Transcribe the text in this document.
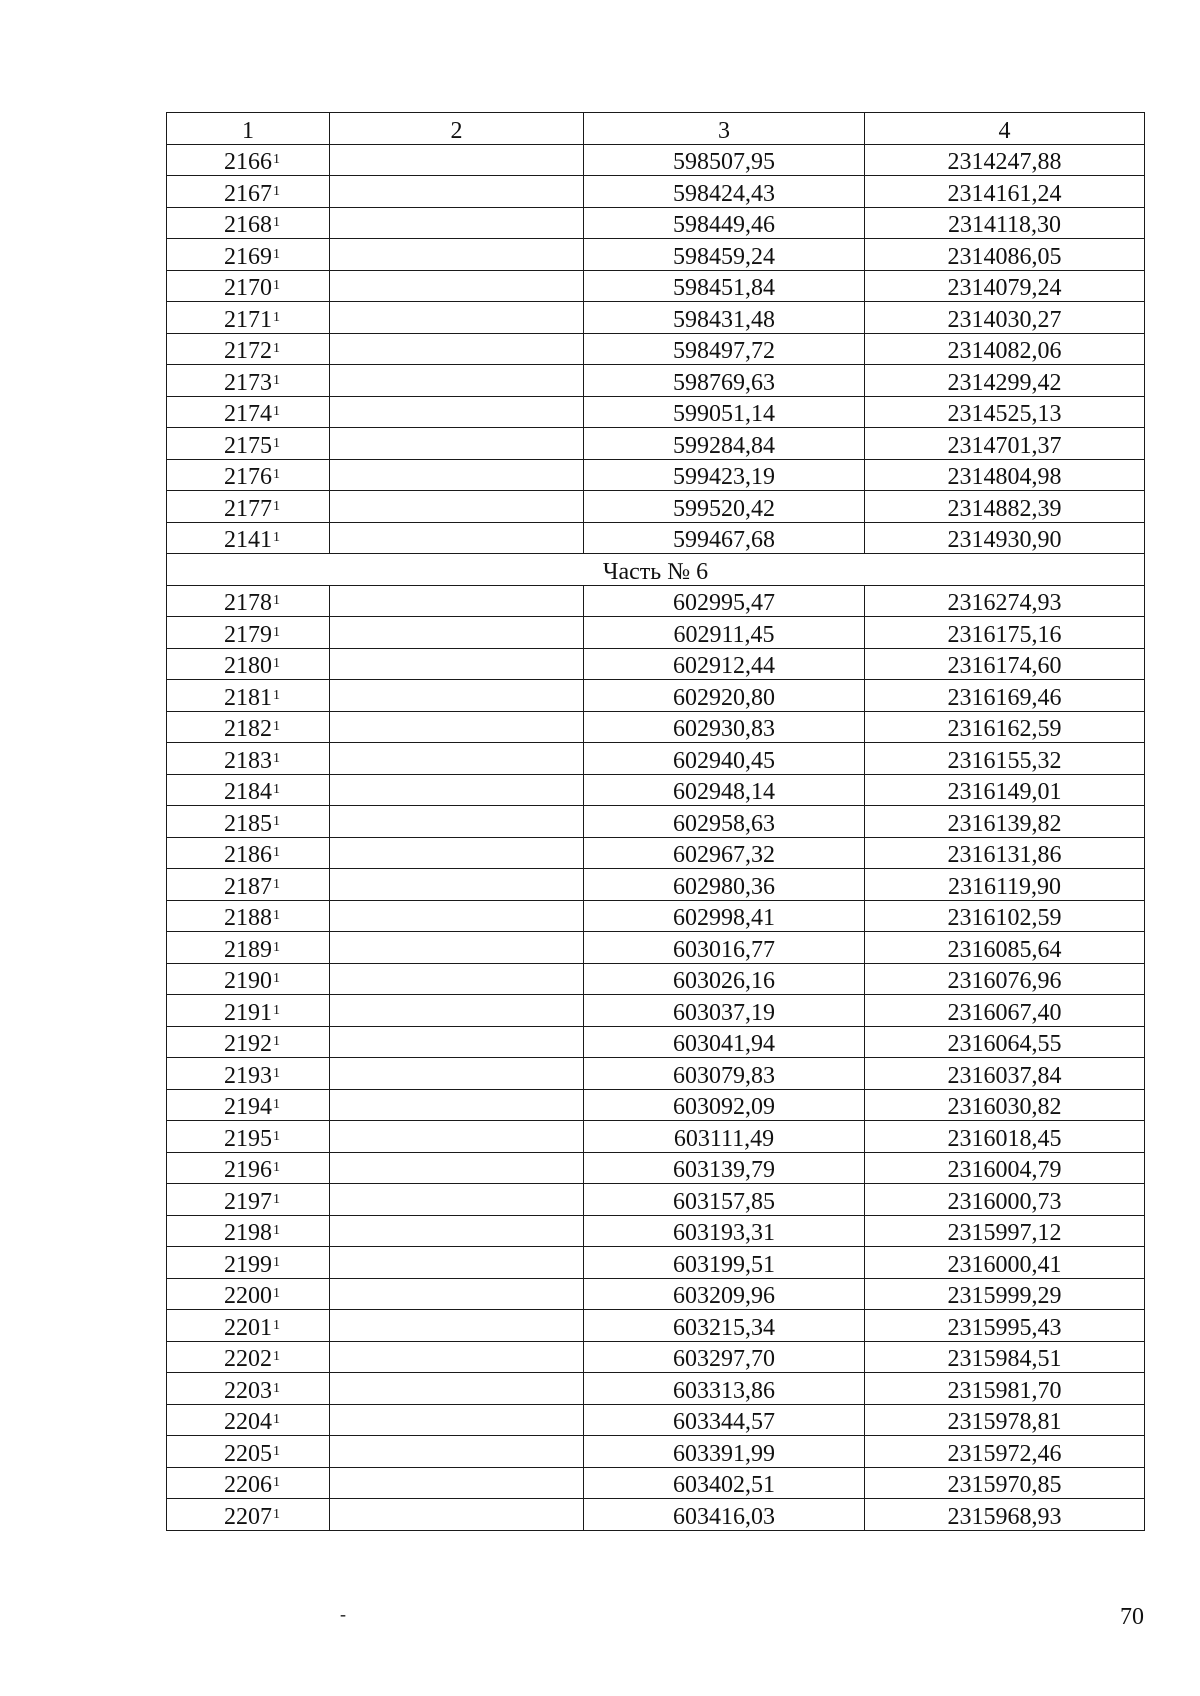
1	2	3	4
2166$^1$		598507,95	2314247,88
2167$^1$		598424,43	2314161,24
2168$^1$		598449,46	2314118,30
2169$^1$		598459,24	2314086,05
2170$^1$		598451,84	2314079,24
2171$^1$		598431,48	2314030,27
2172$^1$		598497,72	2314082,06
2173$^1$		598769,63	2314299,42
2174$^1$		599051,14	2314525,13
2175$^1$		599284,84	2314701,37
2176$^1$		599423,19	2314804,98
2177$^1$		599520,42	2314882,39
2141$^1$		599467,68	2314930,90
Часть № 6			
2178$^1$		602995,47	2316274,93
2179$^1$		602911,45	2316175,16
2180$^1$		602912,44	2316174,60
2181$^1$		602920,80	2316169,46
2182$^1$		602930,83	2316162,59
2183$^1$		602940,45	2316155,32
2184$^1$		602948,14	2316149,01
2185$^1$		602958,63	2316139,82
2186$^1$		602967,32	2316131,86
2187$^1$		602980,36	2316119,90
2188$^1$		602998,41	2316102,59
2189$^1$		603016,77	2316085,64
2190$^1$		603026,16	2316076,96
2191$^1$		603037,19	2316067,40
2192$^1$		603041,94	2316064,55
2193$^1$		603079,83	2316037,84
2194$^1$		603092,09	2316030,82
2195$^1$		603111,49	2316018,45
2196$^1$		603139,79	2316004,79
2197$^1$		603157,85	2316000,73
2198$^1$		603193,31	2315997,12
2199$^1$		603199,51	2316000,41
2200$^1$		603209,96	2315999,29
2201$^1$		603215,34	2315995,43
2202$^1$		603297,70	2315984,51
2203$^1$		603313,86	2315981,70
2204$^1$		603344,57	2315978,81
2205$^1$		603391,99	2315972,46
2206$^1$		603402,51	2315970,85
2207$^1$		603416,03	2315968,93
-	70
